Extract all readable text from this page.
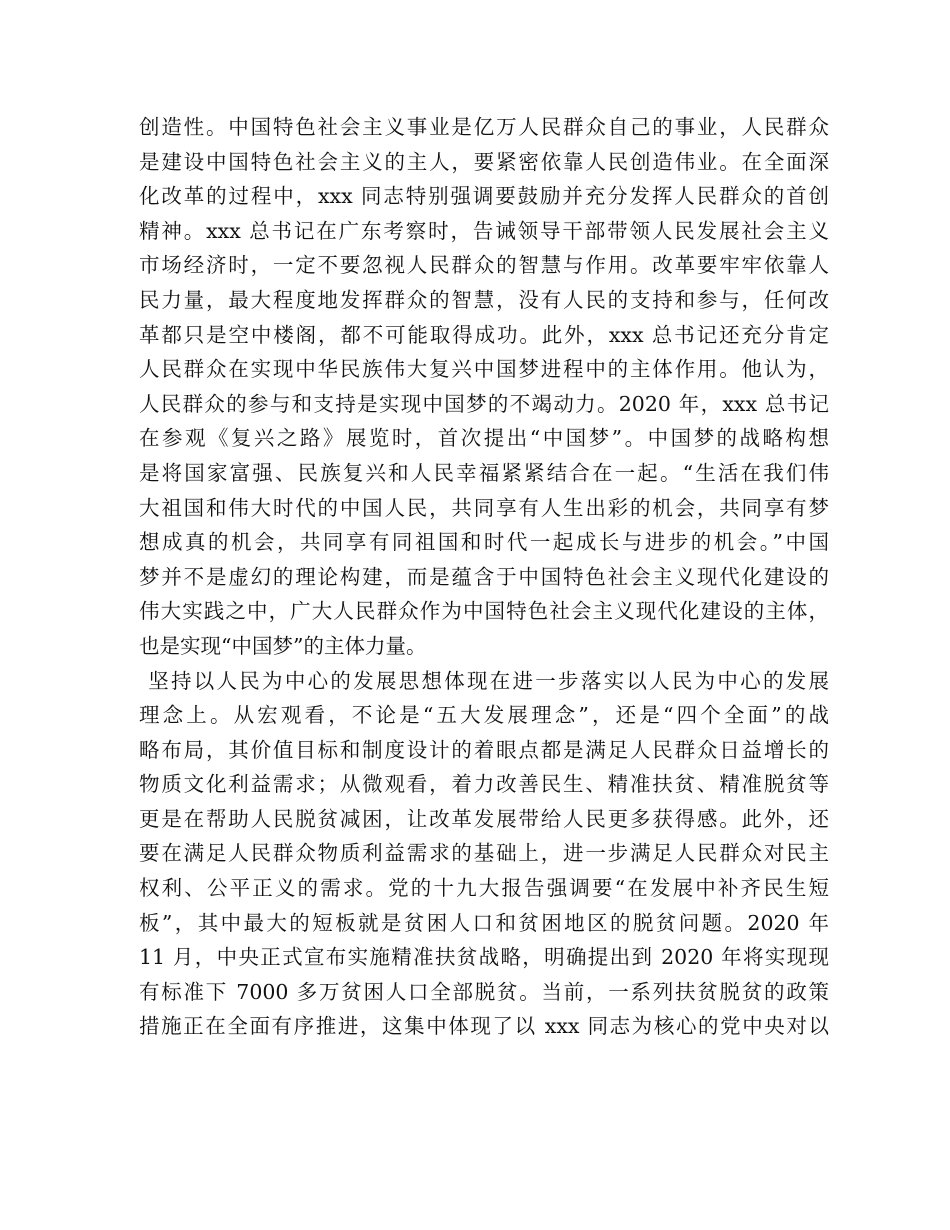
创造性。中国特色社会主义事业是亿万人民群众自己的事业，人民群众
是建设中国特色社会主义的主人，要紧密依靠人民创造伟业。在全面深
化改革的过程中，xxx 同志特别强调要鼓励并充分发挥人民群众的首创
精神。xxx 总书记在广东考察时，告诫领导干部带领人民发展社会主义
市场经济时，一定不要忽视人民群众的智慧与作用。改革要牢牢依靠人
民力量，最大程度地发挥群众的智慧，没有人民的支持和参与，任何改
革都只是空中楼阁，都不可能取得成功。此外，xxx 总书记还充分肯定
人民群众在实现中华民族伟大复兴中国梦进程中的主体作用。他认为，
人民群众的参与和支持是实现中国梦的不竭动力。2020 年，xxx 总书记
在参观《复兴之路》展览时，首次提出“中国梦”。中国梦的战略构想
是将国家富强、民族复兴和人民幸福紧紧结合在一起。“生活在我们伟
大祖国和伟大时代的中国人民，共同享有人生出彩的机会，共同享有梦
想成真的机会，共同享有同祖国和时代一起成长与进步的机会。”中国
梦并不是虚幻的理论构建，而是蕴含于中国特色社会主义现代化建设的
伟大实践之中，广大人民群众作为中国特色社会主义现代化建设的主体，
也是实现“中国梦”的主体力量。
坚持以人民为中心的发展思想体现在进一步落实以人民为中心的发展
理念上。从宏观看，不论是“五大发展理念”，还是“四个全面”的战
略布局，其价值目标和制度设计的着眼点都是满足人民群众日益增长的
物质文化利益需求；从微观看，着力改善民生、精准扶贫、精准脱贫等
更是在帮助人民脱贫减困，让改革发展带给人民更多获得感。此外，还
要在满足人民群众物质利益需求的基础上，进一步满足人民群众对民主
权利、公平正义的需求。党的十九大报告强调要“在发展中补齐民生短
板”，其中最大的短板就是贫困人口和贫困地区的脱贫问题。2020 年
11 月，中央正式宣布实施精准扶贫战略，明确提出到 2020 年将实现现
有标准下 7000 多万贫困人口全部脱贫。当前，一系列扶贫脱贫的政策
措施正在全面有序推进，这集中体现了以 xxx 同志为核心的党中央对以
